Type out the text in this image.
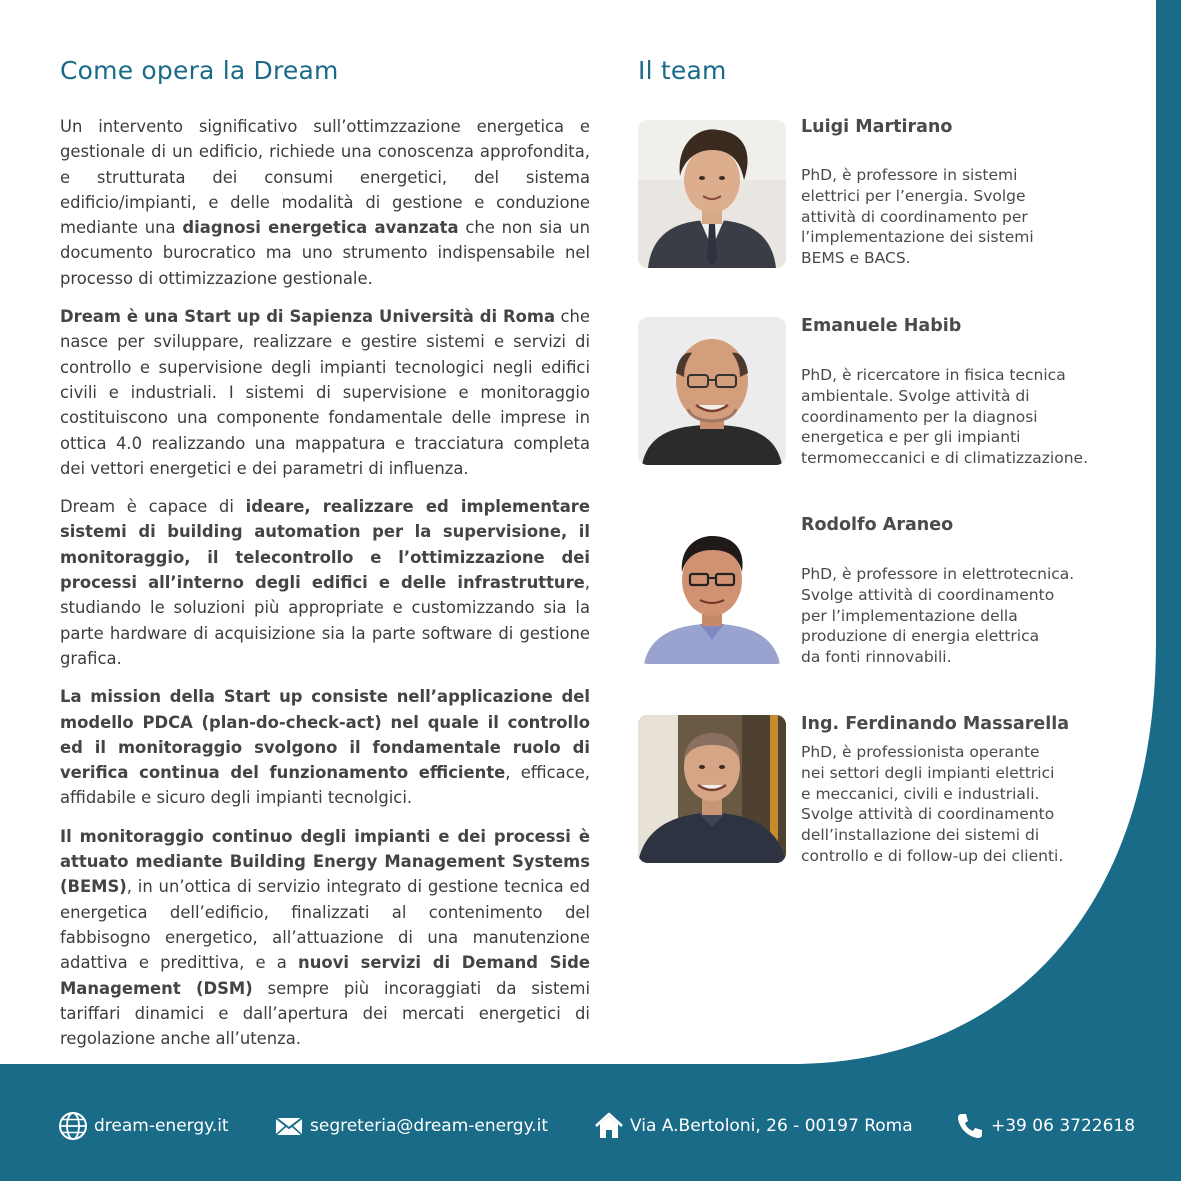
Come opera la Dream	Il team

Un intervento significativo sull’ottimzzazione energetica e gestionale di un edificio, richiede una conoscenza approfondita, e strutturata dei consumi energetici, del sistema edificio/impianti, e delle modalità di gestione e conduzione mediante una diagnosi energetica avanzata che non sia un documento burocratico ma uno strumento indispensabile nel processo di ottimizzazione gestionale.

Dream è una Start up di Sapienza Università di Roma che nasce per sviluppare, realizzare e gestire sistemi e servizi di controllo e supervisione degli impianti tecnologici negli edifici civili e industriali. I sistemi di supervisione e monitoraggio costituiscono una componente fondamentale delle imprese in ottica 4.0 realizzando una mappatura e tracciatura completa dei vettori energetici e dei parametri di influenza.

Dream è capace di ideare, realizzare ed implementare sistemi di building automation per la supervisione, il monitoraggio, il telecontrollo e l’ottimizzazione dei processi all’interno degli edifici e delle infrastrutture, studiando le soluzioni più appropriate e customizzando sia la parte hardware di acquisizione sia la parte software di gestione grafica.

La mission della Start up consiste nell’applicazione del modello PDCA (plan-do-check-act) nel quale il controllo ed il monitoraggio svolgono il fondamentale ruolo di verifica continua del funzionamento efficiente, efficace, affidabile e sicuro degli impianti tecnolgici.

Il monitoraggio continuo degli impianti e dei processi è attuato mediante Building Energy Management Systems (BEMS), in un’ottica di servizio integrato di gestione tecnica ed energetica dell’edificio, finalizzati al contenimento del fabbisogno energetico, all’attuazione di una manutenzione adattiva e predittiva, e a nuovi servizi di Demand Side Management (DSM) sempre più incoraggiati da sistemi tariffari dinamici e dall’apertura dei mercati energetici di regolazione anche all’utenza.

Luigi Martirano

PhD, è professore in sistemi
elettrici per l’energia. Svolge
attività di coordinamento per
l’implementazione dei sistemi
BEMS e BACS.

Emanuele Habib

PhD, è ricercatore in fisica tecnica
ambientale. Svolge attività di
coordinamento per la diagnosi
energetica e per gli impianti
termomeccanici e di climatizzazione.

Rodolfo Araneo

PhD, è professore in elettrotecnica.
Svolge attività di coordinamento
per l’implementazione della
produzione di energia elettrica
da fonti rinnovabili.

Ing. Ferdinando Massarella

PhD, è professionista operante
nei settori degli impianti elettrici
e meccanici, civili e industriali.
Svolge attività di coordinamento
dell’installazione dei sistemi di
controllo e di follow-up dei clienti.

dream-energy.it	segreteria@dream-energy.it	Via A.Bertoloni, 26 - 00197 Roma	+39 06 3722618
